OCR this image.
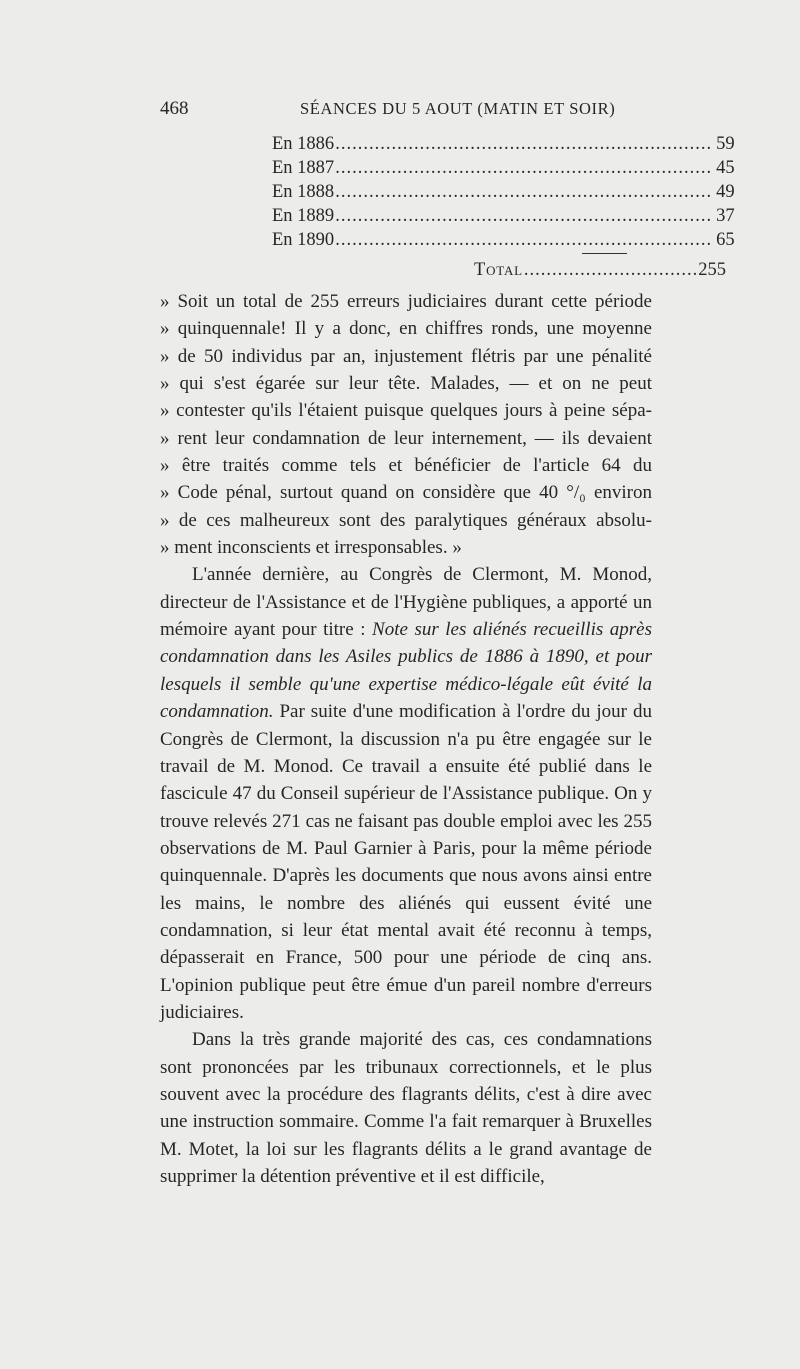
468	SÉANCES DU 5 AOUT (MATIN ET SOIR)
En 1886 ................................................................... 59
En 1887 ................................................................... 45
En 1888 ................................................................... 49
En 1889 ................................................................... 37
En 1890 ................................................................... 65
Total ............................... 255

» Soit un total de 255 erreurs judiciaires durant cette période
» quinquennale! Il y a donc, en chiffres ronds, une moyenne
» de 50 individus par an, injustement flétris par une pénalité
» qui s'est égarée sur leur tête. Malades, — et on ne peut
» contester qu'ils l'étaient puisque quelques jours à peine sépa-
» rent leur condamnation de leur internement, — ils devaient
» être traités comme tels et bénéficier de l'article 64 du
» Code pénal, surtout quand on considère que 40 °/₀ environ
» de ces malheureux sont des paralytiques généraux absolu-
» ment inconscients et irresponsables. »

L'année dernière, au Congrès de Clermont, M. Monod, directeur de l'Assistance et de l'Hygiène publiques, a apporté un mémoire ayant pour titre : Note sur les aliénés recueillis après condamnation dans les Asiles publics de 1886 à 1890, et pour lesquels il semble qu'une expertise médico-légale eût évité la condamnation. Par suite d'une modification à l'ordre du jour du Congrès de Clermont, la discussion n'a pu être engagée sur le travail de M. Monod. Ce travail a ensuite été publié dans le fascicule 47 du Conseil supérieur de l'Assistance publique. On y trouve relevés 271 cas ne faisant pas double emploi avec les 255 observations de M. Paul Garnier à Paris, pour la même période quinquennale. D'après les documents que nous avons ainsi entre les mains, le nombre des aliénés qui eussent évité une condamnation, si leur état mental avait été reconnu à temps, dépasserait en France, 500 pour une période de cinq ans. L'opinion publique peut être émue d'un pareil nombre d'erreurs judiciaires.

Dans la très grande majorité des cas, ces condamnations sont prononcées par les tribunaux correctionnels, et le plus souvent avec la procédure des flagrants délits, c'est à dire avec une instruction sommaire. Comme l'a fait remarquer à Bruxelles M. Motet, la loi sur les flagrants délits a le grand avantage de supprimer la détention préventive et il est difficile,
